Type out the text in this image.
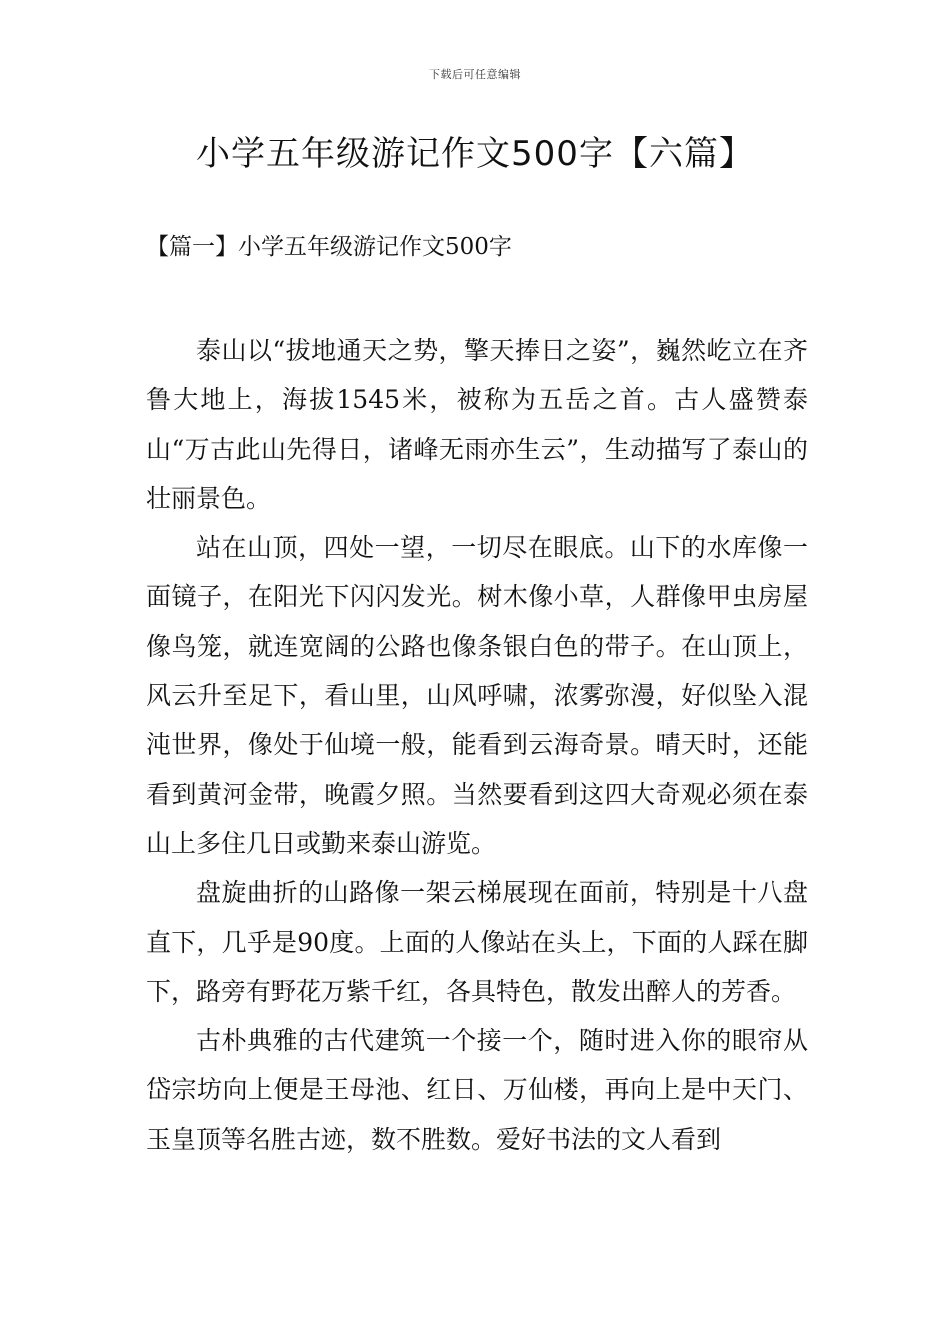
下载后可任意编辑
小学五年级游记作文500字【六篇】
【篇一】小学五年级游记作文500字

泰山以“拔地通天之势，擎天捧日之姿”，巍然屹立在齐鲁大地上，海拔1545米，被称为五岳之首。古人盛赞泰山“万古此山先得日，诸峰无雨亦生云”，生动描写了泰山的壮丽景色。

站在山顶，四处一望，一切尽在眼底。山下的水库像一面镜子，在阳光下闪闪发光。树木像小草，人群像甲虫房屋像鸟笼，就连宽阔的公路也像条银白色的带子。在山顶上，风云升至足下，看山里，山风呼啸，浓雾弥漫，好似坠入混沌世界，像处于仙境一般，能看到云海奇景。晴天时，还能看到黄河金带，晚霞夕照。当然要看到这四大奇观必须在泰山上多住几日或勤来泰山游览。

盘旋曲折的山路像一架云梯展现在面前，特别是十八盘直下，几乎是90度。上面的人像站在头上，下面的人踩在脚下，路旁有野花万紫千红，各具特色，散发出醉人的芳香。

古朴典雅的古代建筑一个接一个，随时进入你的眼帘从岱宗坊向上便是王母池、红日、万仙楼，再向上是中天门、玉皇顶等名胜古迹，数不胜数。爱好书法的文人看到
